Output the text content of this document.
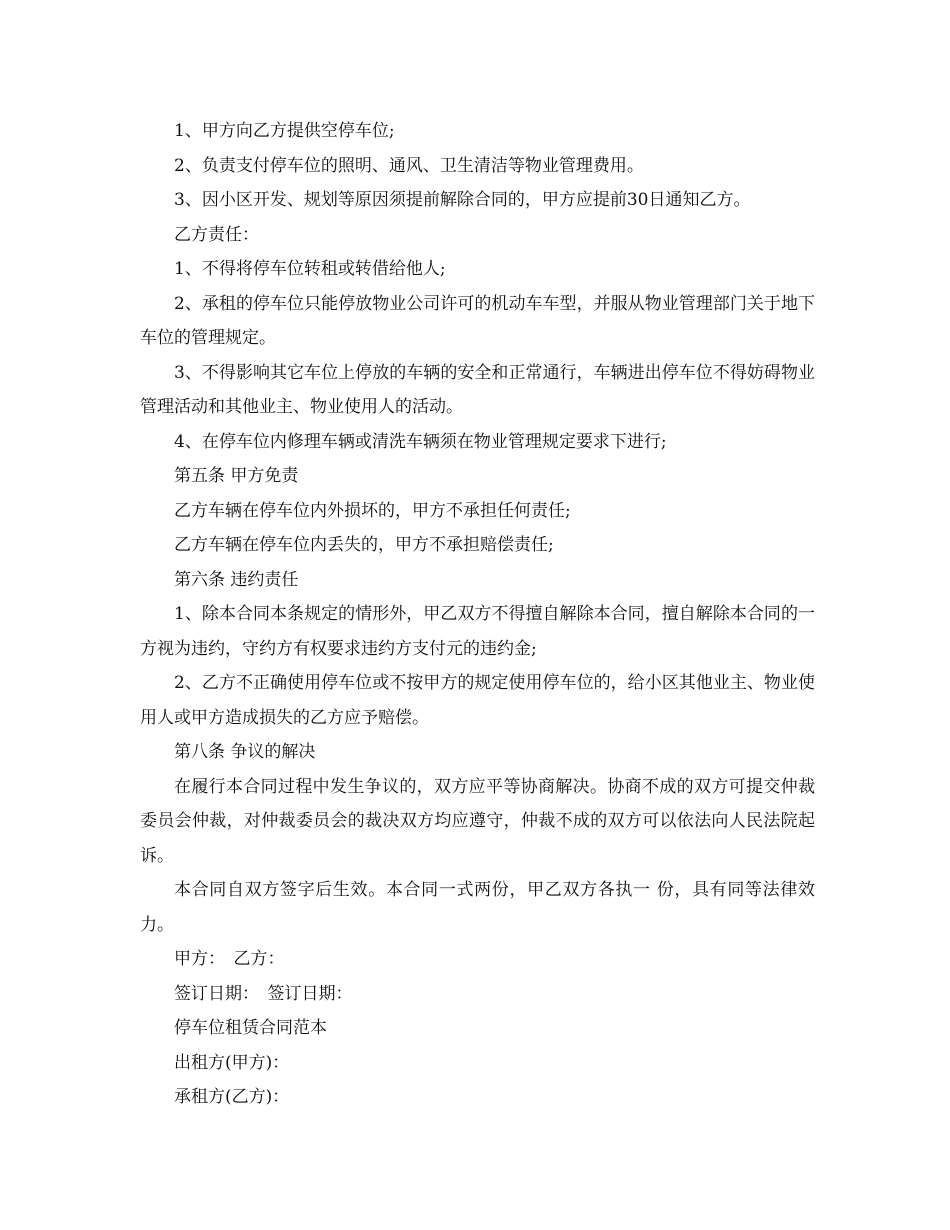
1、甲方向乙方提供空停车位;

2、负责支付停车位的照明、通风、卫生清洁等物业管理费用。

3、因小区开发、规划等原因须提前解除合同的，甲方应提前30日通知乙方。

乙方责任：

1、不得将停车位转租或转借给他人;

2、承租的停车位只能停放物业公司许可的机动车车型，并服从物业管理部门关于地下车位的管理规定。

3、不得影响其它车位上停放的车辆的安全和正常通行，车辆进出停车位不得妨碍物业管理活动和其他业主、物业使用人的活动。

4、在停车位内修理车辆或清洗车辆须在物业管理规定要求下进行;

第五条 甲方免责

乙方车辆在停车位内外损坏的，甲方不承担任何责任;

乙方车辆在停车位内丢失的，甲方不承担赔偿责任;

第六条 违约责任

1、除本合同本条规定的情形外，甲乙双方不得擅自解除本合同，擅自解除本合同的一方视为违约，守约方有权要求违约方支付元的违约金;

2、乙方不正确使用停车位或不按甲方的规定使用停车位的，给小区其他业主、物业使用人或甲方造成损失的乙方应予赔偿。

第八条 争议的解决

在履行本合同过程中发生争议的，双方应平等协商解决。协商不成的双方可提交仲裁委员会仲裁，对仲裁委员会的裁决双方均应遵守，仲裁不成的双方可以依法向人民法院起诉。

本合同自双方签字后生效。本合同一式两份，甲乙双方各执一 份，具有同等法律效力。

甲方：　乙方：

签订日期：　签订日期：

停车位租赁合同范本

出租方(甲方)：

承租方(乙方)：
